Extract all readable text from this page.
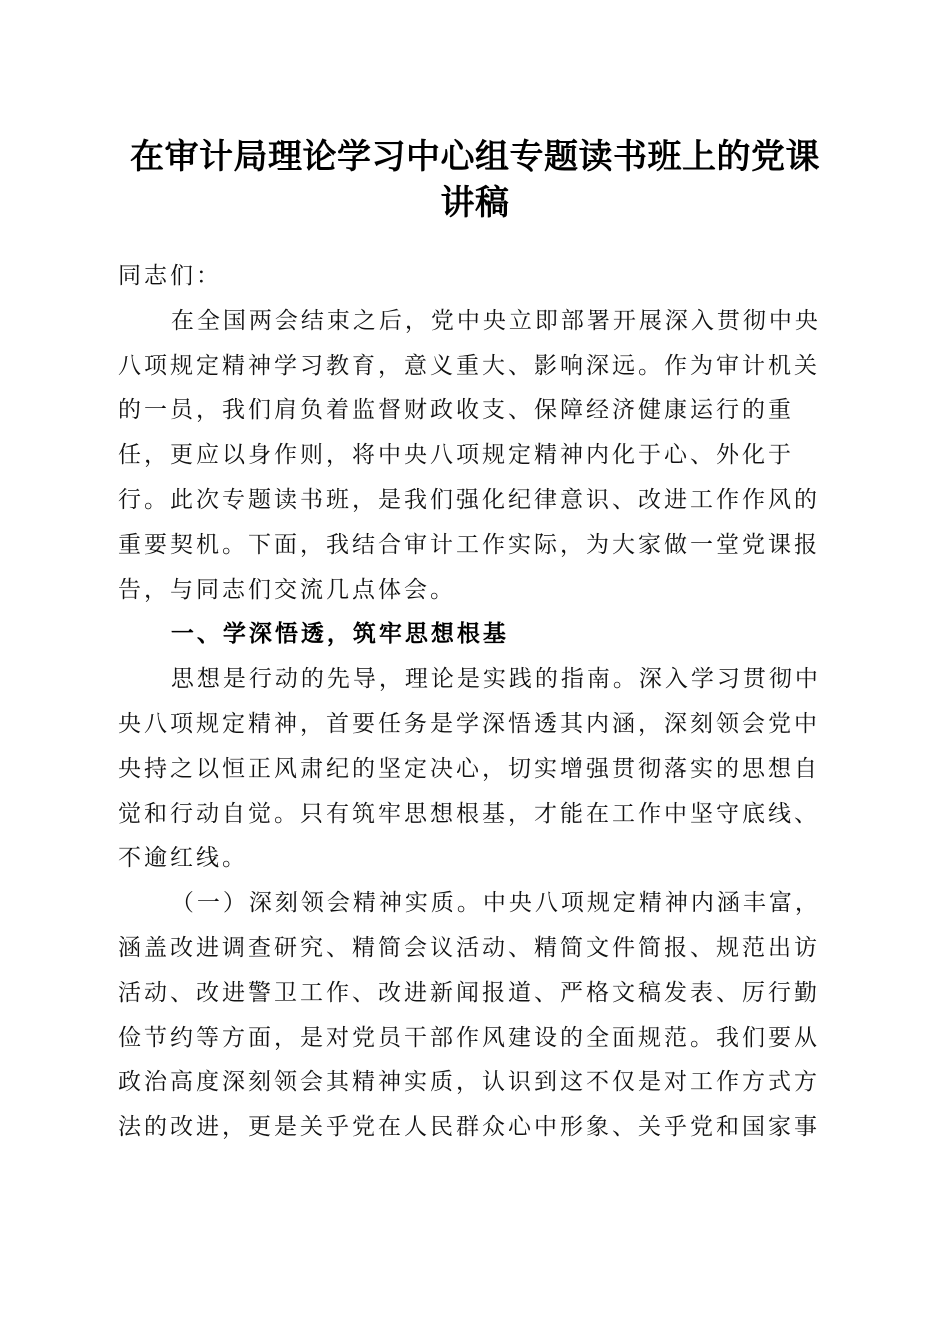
在审计局理论学习中心组专题读书班上的党课
讲稿

同志们：

在全国两会结束之后，党中央立即部署开展深入贯彻中央八项规定精神学习教育，意义重大、影响深远。作为审计机关的一员，我们肩负着监督财政收支、保障经济健康运行的重任，更应以身作则，将中央八项规定精神内化于心、外化于行。此次专题读书班，是我们强化纪律意识、改进工作作风的重要契机。下面，我结合审计工作实际，为大家做一堂党课报告，与同志们交流几点体会。

一、学深悟透，筑牢思想根基

思想是行动的先导，理论是实践的指南。深入学习贯彻中央八项规定精神，首要任务是学深悟透其内涵，深刻领会党中央持之以恒正风肃纪的坚定决心，切实增强贯彻落实的思想自觉和行动自觉。只有筑牢思想根基，才能在工作中坚守底线、不逾红线。

（一）深刻领会精神实质。中央八项规定精神内涵丰富，涵盖改进调查研究、精简会议活动、精简文件简报、规范出访活动、改进警卫工作、改进新闻报道、严格文稿发表、厉行勤俭节约等方面，是对党员干部作风建设的全面规范。我们要从政治高度深刻领会其精神实质，认识到这不仅是对工作方式方法的改进，更是关乎党在人民群众心中形象、关乎党和国家事
